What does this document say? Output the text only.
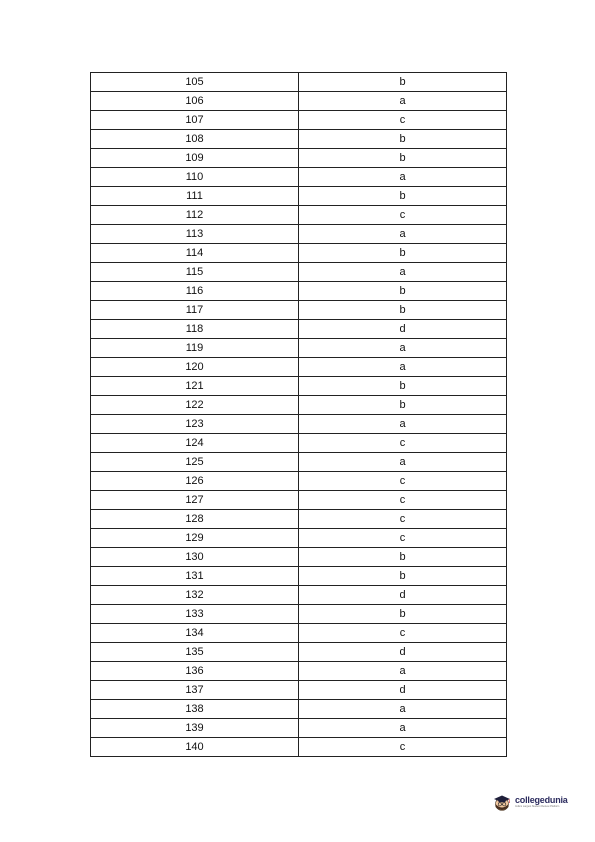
105	b
106	a
107	c
108	b
109	b
110	a
111	b
112	c
113	a
114	b
115	a
116	b
117	b
118	d
119	a
120	a
121	b
122	b
123	a
124	c
125	a
126	c
127	c
128	c
129	c
130	b
131	b
132	d
133	b
134	c
135	d
136	a
137	d
138	a
139	a
140	c
collegedunia
India's Largest Student Review Platform
